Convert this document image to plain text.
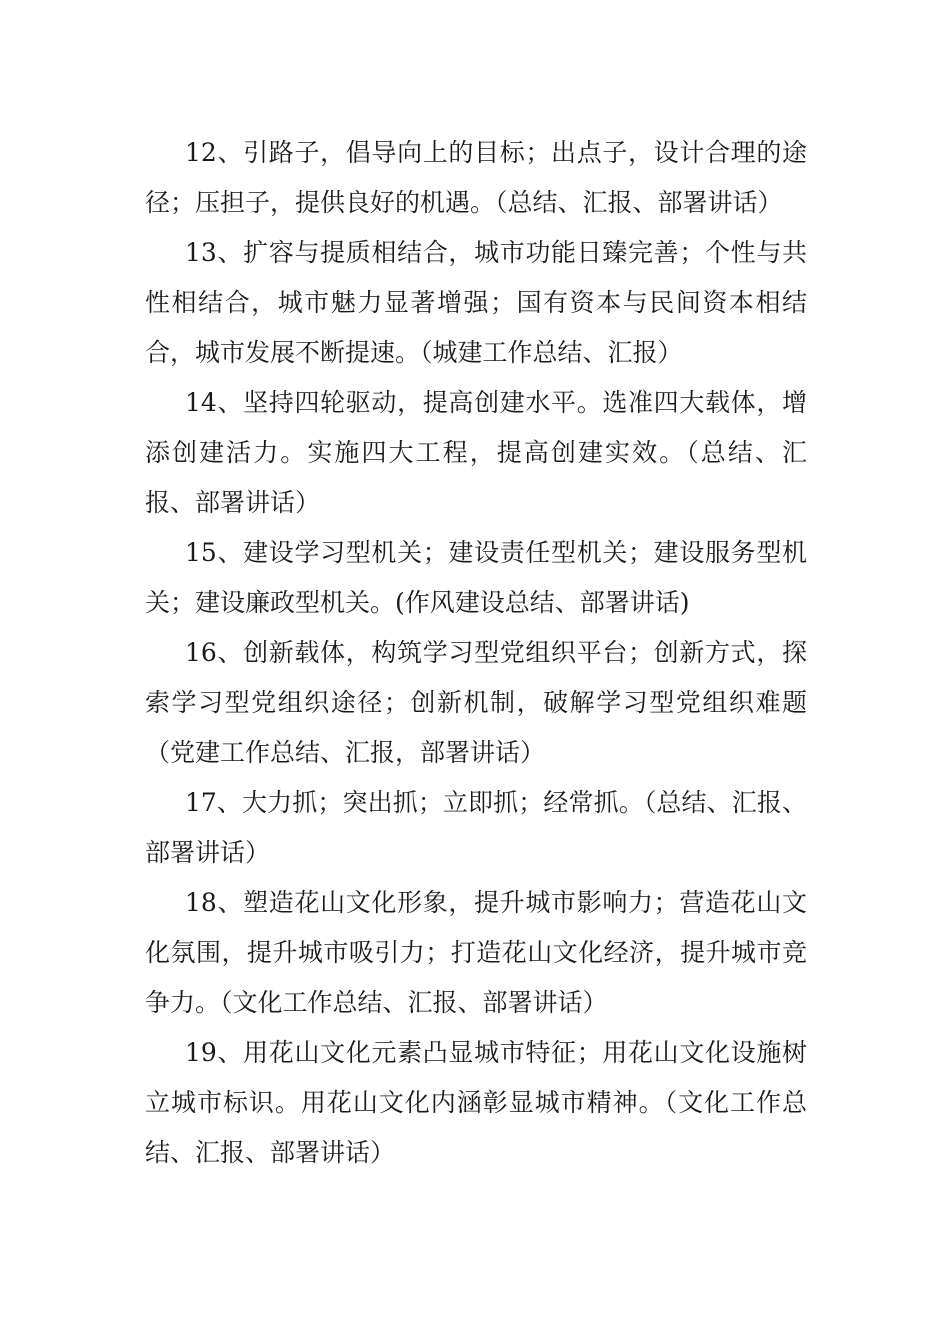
12、引路子，倡导向上的目标；出点子，设计合理的途径；压担子，提供良好的机遇。（总结、汇报、部署讲话）

13、扩容与提质相结合，城市功能日臻完善；个性与共性相结合，城市魅力显著增强；国有资本与民间资本相结合，城市发展不断提速。（城建工作总结、汇报）

14、坚持四轮驱动，提高创建水平。选准四大载体，增添创建活力。实施四大工程，提高创建实效。（总结、汇报、部署讲话）

15、建设学习型机关；建设责任型机关；建设服务型机关；建设廉政型机关。(作风建设总结、部署讲话)

16、创新载体，构筑学习型党组织平台；创新方式，探索学习型党组织途径；创新机制，破解学习型党组织难题（党建工作总结、汇报，部署讲话）

17、大力抓；突出抓；立即抓；经常抓。（总结、汇报、部署讲话）

18、塑造花山文化形象，提升城市影响力；营造花山文化氛围，提升城市吸引力；打造花山文化经济，提升城市竞争力。（文化工作总结、汇报、部署讲话）

19、用花山文化元素凸显城市特征；用花山文化设施树立城市标识。用花山文化内涵彰显城市精神。（文化工作总结、汇报、部署讲话）
